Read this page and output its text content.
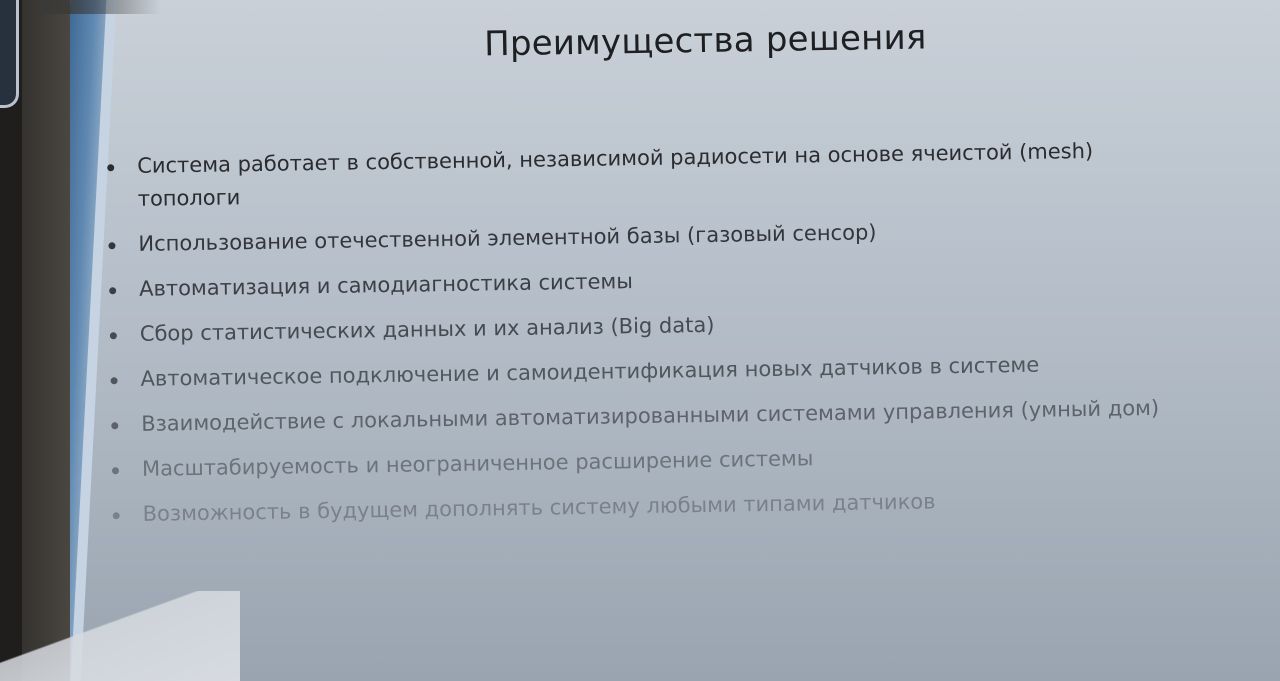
Преимущества решения
Система работает в собственной, независимой радиосети на основе ячеистой (mesh) топологи
Использование отечественной элементной базы (газовый сенсор)
Автоматизация и самодиагностика системы
Сбор статистических данных и их анализ (Big data)
Автоматическое подключение и самоидентификация новых датчиков в системе
Взаимодействие с локальными автоматизированными системами управления (умный дом)
Масштабируемость и неограниченное расширение системы
Возможность в будущем дополнять систему любыми типами датчиков
